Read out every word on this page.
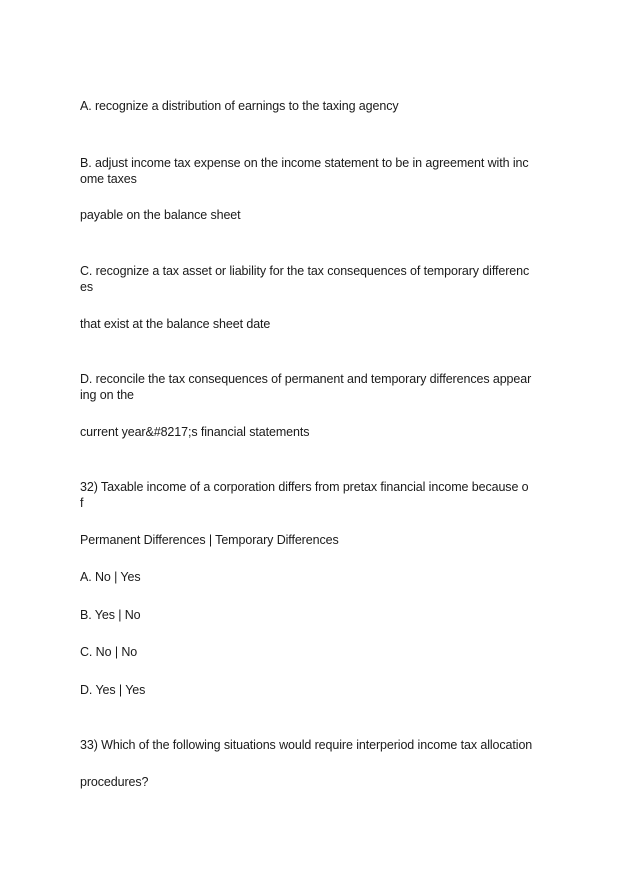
A. recognize a distribution of earnings to the taxing agency
B. adjust income tax expense on the income statement to be in agreement with inc
ome taxes
payable on the balance sheet
C. recognize a tax asset or liability for the tax consequences of temporary differenc
es
that exist at the balance sheet date
D. reconcile the tax consequences of permanent and temporary differences appear
ing on the
current year&#8217;s financial statements
32) Taxable income of a corporation differs from pretax financial income because o
f
Permanent Differences | Temporary Differences
A. No | Yes
B. Yes | No
C. No | No
D. Yes | Yes
33) Which of the following situations would require interperiod income tax allocation
procedures?
